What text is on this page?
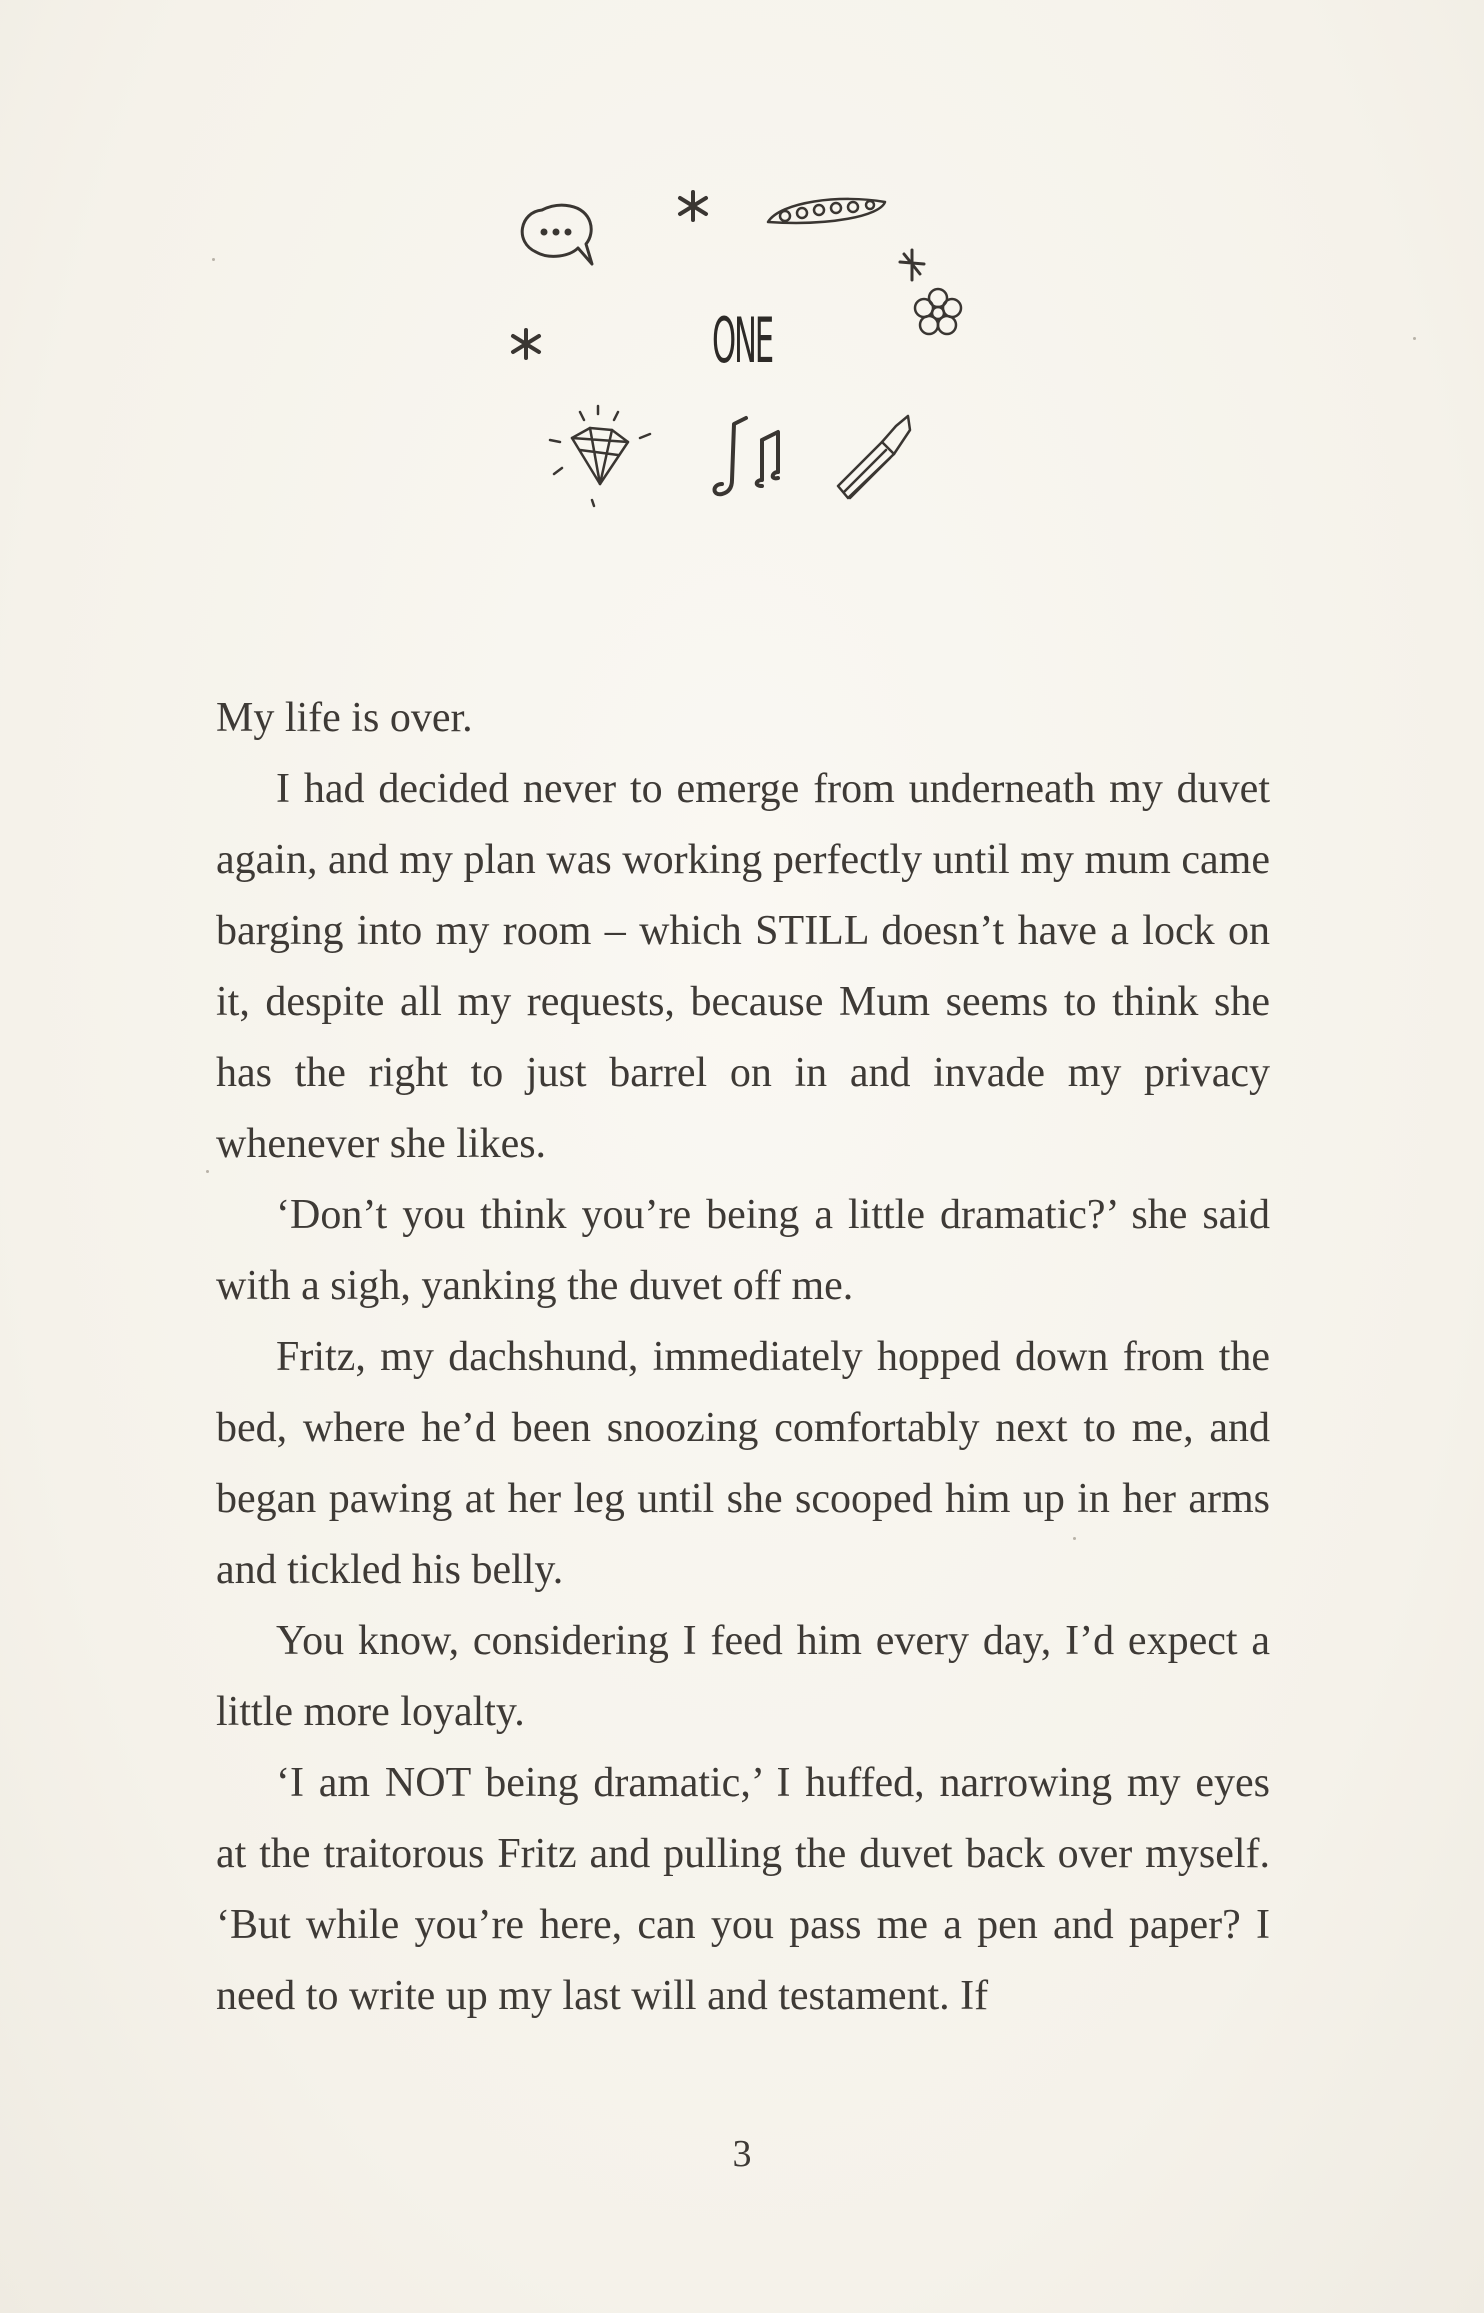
ONE

My life is over.

I had decided never to emerge from underneath my duvet again, and my plan was working perfectly until my mum came barging into my room – which STILL doesn’t have a lock on it, despite all my requests, because Mum seems to think she has the right to just barrel on in and invade my privacy whenever she likes.

‘Don’t you think you’re being a little dramatic?’ she said with a sigh, yanking the duvet off me.

Fritz, my dachshund, immediately hopped down from the bed, where he’d been snoozing comfortably next to me, and began pawing at her leg until she scooped him up in her arms and tickled his belly.

You know, considering I feed him every day, I’d expect a little more loyalty.

‘I am NOT being dramatic,’ I huffed, narrowing my eyes at the traitorous Fritz and pulling the duvet back over myself. ‘But while you’re here, can you pass me a pen and paper? I need to write up my last will and testament. If

3
